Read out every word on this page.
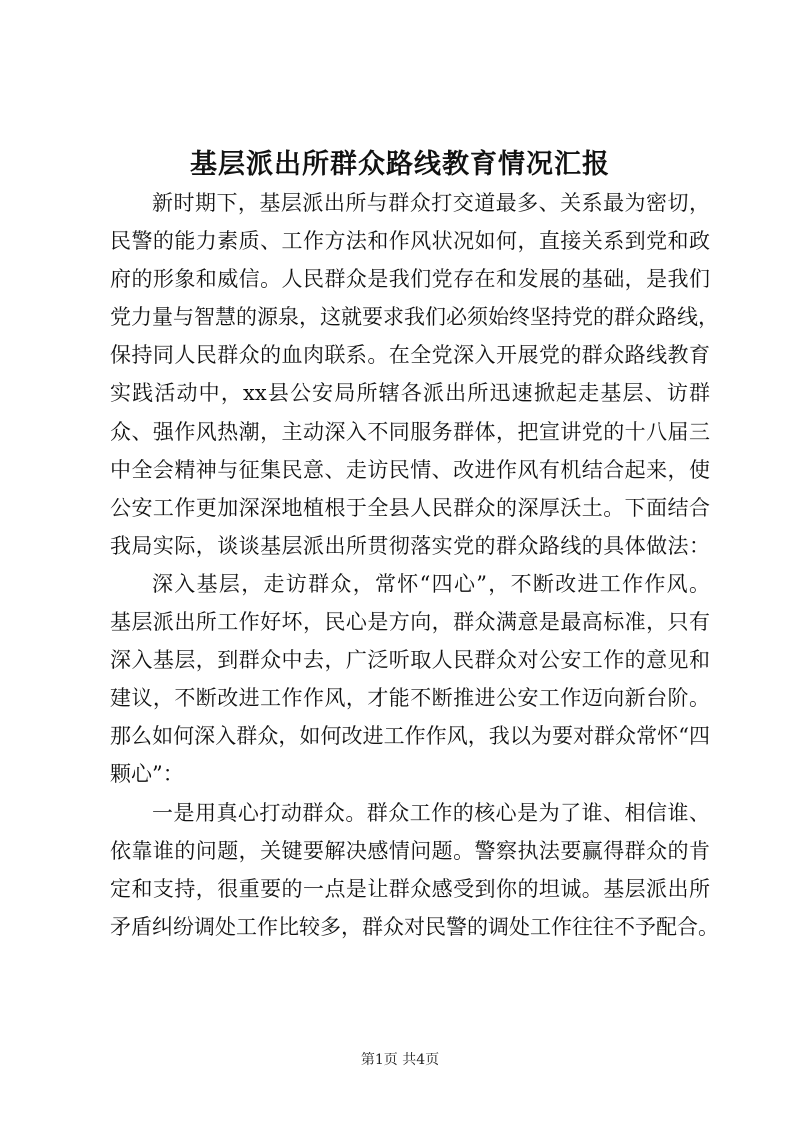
基层派出所群众路线教育情况汇报
新时期下，基层派出所与群众打交道最多、关系最为密切，
民警的能力素质、工作方法和作风状况如何，直接关系到党和政
府的形象和威信。人民群众是我们党存在和发展的基础，是我们
党力量与智慧的源泉，这就要求我们必须始终坚持党的群众路线，
保持同人民群众的血肉联系。在全党深入开展党的群众路线教育
实践活动中，xx县公安局所辖各派出所迅速掀起走基层、访群
众、强作风热潮，主动深入不同服务群体，把宣讲党的十八届三
中全会精神与征集民意、走访民情、改进作风有机结合起来，使
公安工作更加深深地植根于全县人民群众的深厚沃土。下面结合
我局实际，谈谈基层派出所贯彻落实党的群众路线的具体做法：
深入基层，走访群众，常怀“四心”，不断改进工作作风。
基层派出所工作好坏，民心是方向，群众满意是最高标准，只有
深入基层，到群众中去，广泛听取人民群众对公安工作的意见和
建议，不断改进工作作风，才能不断推进公安工作迈向新台阶。
那么如何深入群众，如何改进工作作风，我以为要对群众常怀“四
颗心”：
一是用真心打动群众。群众工作的核心是为了谁、相信谁、
依靠谁的问题，关键要解决感情问题。警察执法要赢得群众的肯
定和支持，很重要的一点是让群众感受到你的坦诚。基层派出所
矛盾纠纷调处工作比较多，群众对民警的调处工作往往不予配合。
第1页 共4页
